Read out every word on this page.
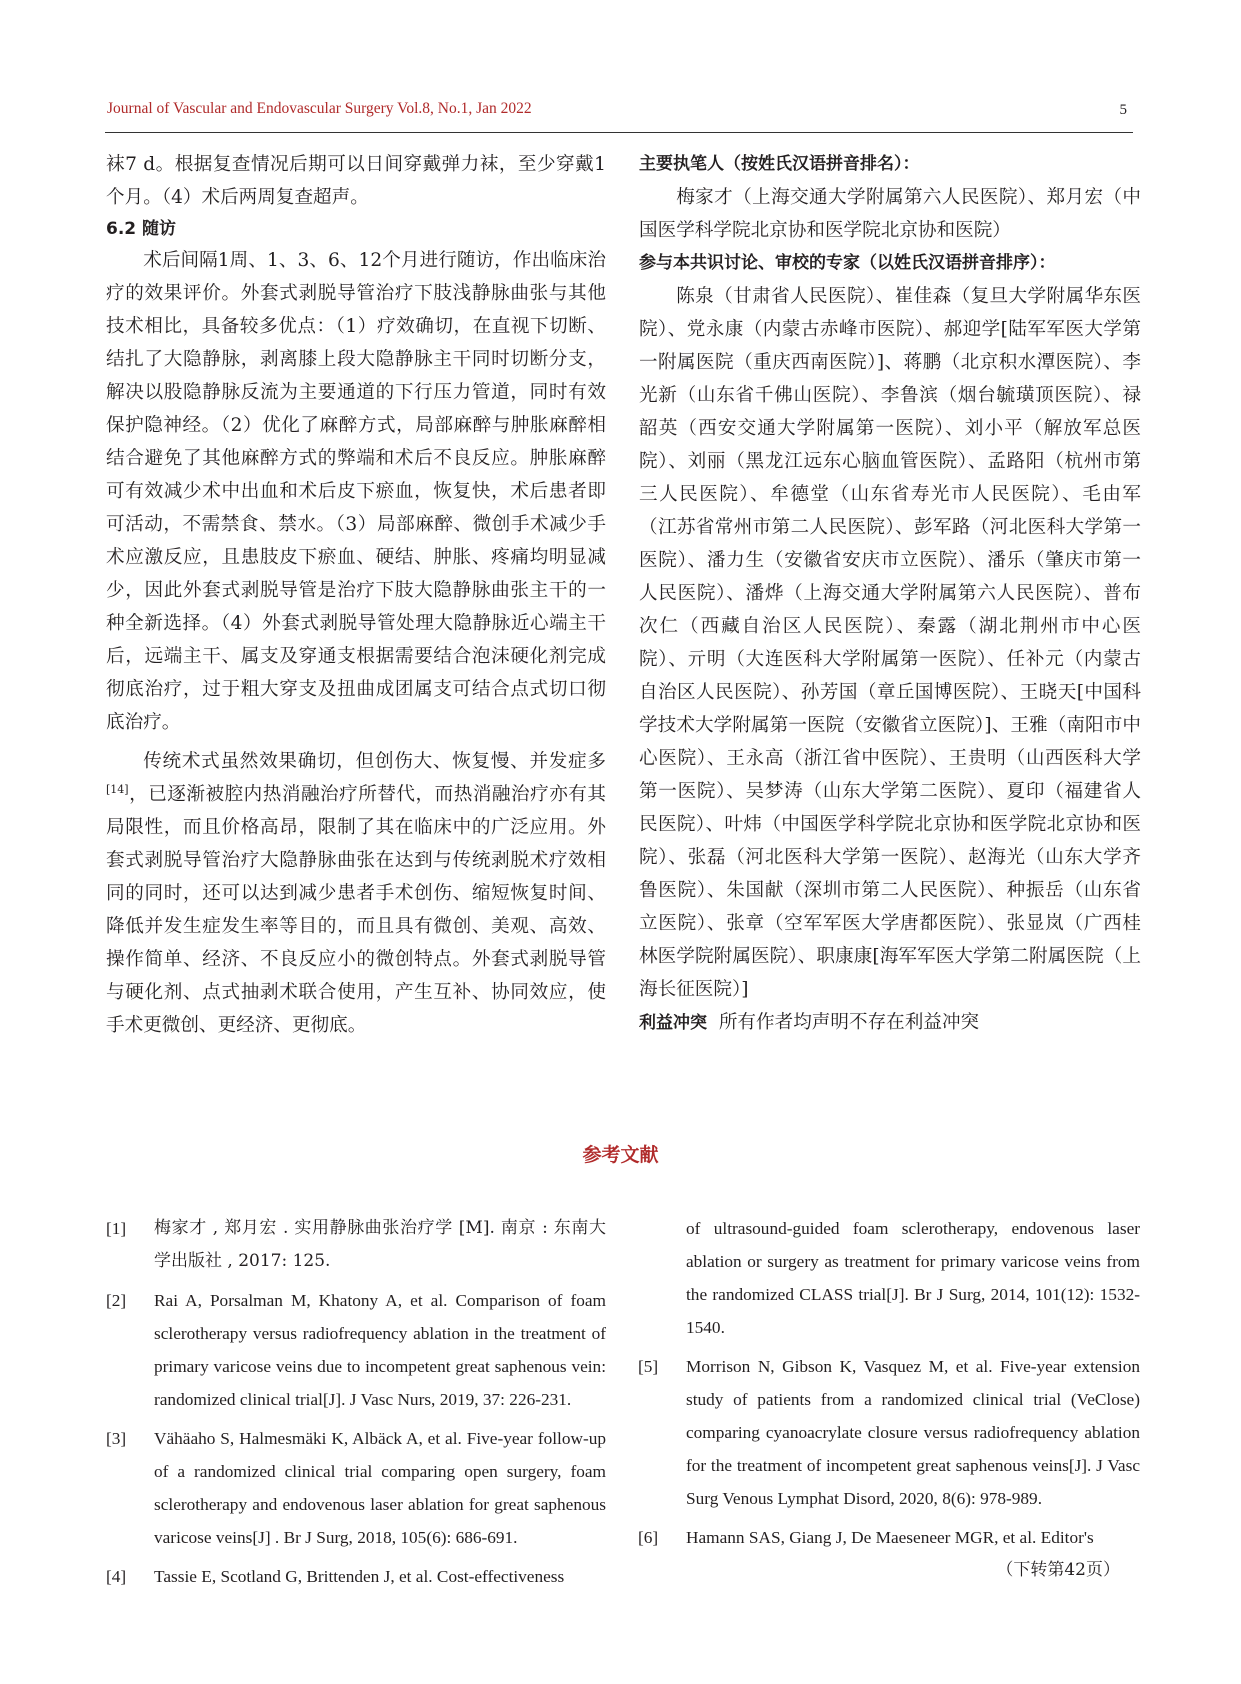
Journal of Vascular and Endovascular Surgery Vol.8, No.1, Jan 2022	5

袜7 d。根据复查情况后期可以日间穿戴弹力袜，至少穿戴1个月。（4）术后两周复查超声。

6.2 随访

术后间隔1周、1、3、6、12个月进行随访，作出临床治疗的效果评价。外套式剥脱导管治疗下肢浅静脉曲张与其他技术相比，具备较多优点：（1）疗效确切，在直视下切断、结扎了大隐静脉，剥离膝上段大隐静脉主干同时切断分支，解决以股隐静脉反流为主要通道的下行压力管道，同时有效保护隐神经。（2）优化了麻醉方式，局部麻醉与肿胀麻醉相结合避免了其他麻醉方式的弊端和术后不良反应。肿胀麻醉可有效减少术中出血和术后皮下瘀血，恢复快，术后患者即可活动，不需禁食、禁水。（3）局部麻醉、微创手术减少手术应激反应，且患肢皮下瘀血、硬结、肿胀、疼痛均明显减少，因此外套式剥脱导管是治疗下肢大隐静脉曲张主干的一种全新选择。（4）外套式剥脱导管处理大隐静脉近心端主干后，远端主干、属支及穿通支根据需要结合泡沫硬化剂完成彻底治疗，过于粗大穿支及扭曲成团属支可结合点式切口彻底治疗。

传统术式虽然效果确切，但创伤大、恢复慢、并发症多[14]，已逐渐被腔内热消融治疗所替代，而热消融治疗亦有其局限性，而且价格高昂，限制了其在临床中的广泛应用。外套式剥脱导管治疗大隐静脉曲张在达到与传统剥脱术疗效相同的同时，还可以达到减少患者手术创伤、缩短恢复时间、降低并发生症发生率等目的，而且具有微创、美观、高效、操作简单、经济、不良反应小的微创特点。外套式剥脱导管与硬化剂、点式抽剥术联合使用，产生互补、协同效应，使手术更微创、更经济、更彻底。

主要执笔人（按姓氏汉语拼音排名）：

梅家才（上海交通大学附属第六人民医院）、郑月宏（中国医学科学院北京协和医学院北京协和医院）

参与本共识讨论、审校的专家（以姓氏汉语拼音排序）：

陈泉（甘肃省人民医院）、崔佳森（复旦大学附属华东医院）、党永康（内蒙古赤峰市医院）、郝迎学[陆军军医大学第一附属医院（重庆西南医院）]、蒋鹏（北京积水潭医院）、李光新（山东省千佛山医院）、李鲁滨（烟台毓璜顶医院）、禄韶英（西安交通大学附属第一医院）、刘小平（解放军总医院）、刘丽（黑龙江远东心脑血管医院）、孟路阳（杭州市第三人民医院）、牟德堂（山东省寿光市人民医院）、毛由军（江苏省常州市第二人民医院）、彭军路（河北医科大学第一医院）、潘力生（安徽省安庆市立医院）、潘乐（肇庆市第一人民医院）、潘烨（上海交通大学附属第六人民医院）、普布次仁（西藏自治区人民医院）、秦露（湖北荆州市中心医院）、亓明（大连医科大学附属第一医院）、任补元（内蒙古自治区人民医院）、孙芳国（章丘国博医院）、王晓天[中国科学技术大学附属第一医院（安徽省立医院）]、王雅（南阳市中心医院）、王永高（浙江省中医院）、王贵明（山西医科大学第一医院）、吴梦涛（山东大学第二医院）、夏印（福建省人民医院）、叶炜（中国医学科学院北京协和医学院北京协和医院）、张磊（河北医科大学第一医院）、赵海光（山东大学齐鲁医院）、朱国献（深圳市第二人民医院）、种振岳（山东省立医院）、张章（空军军医大学唐都医院）、张显岚（广西桂林医学院附属医院）、职康康[海军军医大学第二附属医院（上海长征医院）]

利益冲突 所有作者均声明不存在利益冲突

参考文献
[1]	梅家才 , 郑月宏 . 实用静脉曲张治疗学 [M]. 南京 : 东南大学出版社 , 2017: 125.
[2]	Rai A, Porsalman M, Khatony A, et al. Comparison of foam sclerotherapy versus radiofrequency ablation in the treatment of primary varicose veins due to incompetent great saphenous vein: randomized clinical trial[J]. J Vasc Nurs, 2019, 37: 226-231.
[3]	Vähäaho S, Halmesmäki K, Albäck A, et al. Five-year follow-up of a randomized clinical trial comparing open surgery, foam sclerotherapy and endovenous laser ablation for great saphenous varicose veins[J] . Br J Surg, 2018, 105(6): 686-691.
[4]	Tassie E, Scotland G, Brittenden J, et al. Cost-effectiveness
of ultrasound-guided foam sclerotherapy, endovenous laser ablation or surgery as treatment for primary varicose veins from the randomized CLASS trial[J]. Br J Surg, 2014, 101(12): 1532-1540.
[5]	Morrison N, Gibson K, Vasquez M, et al. Five-year extension study of patients from a randomized clinical trial (VeClose) comparing cyanoacrylate closure versus radiofrequency ablation for the treatment of incompetent great saphenous veins[J]. J Vasc Surg Venous Lymphat Disord, 2020, 8(6): 978-989.
[6]	Hamann SAS, Giang J, De Maeseneer MGR, et al. Editor's
（下转第42页）
